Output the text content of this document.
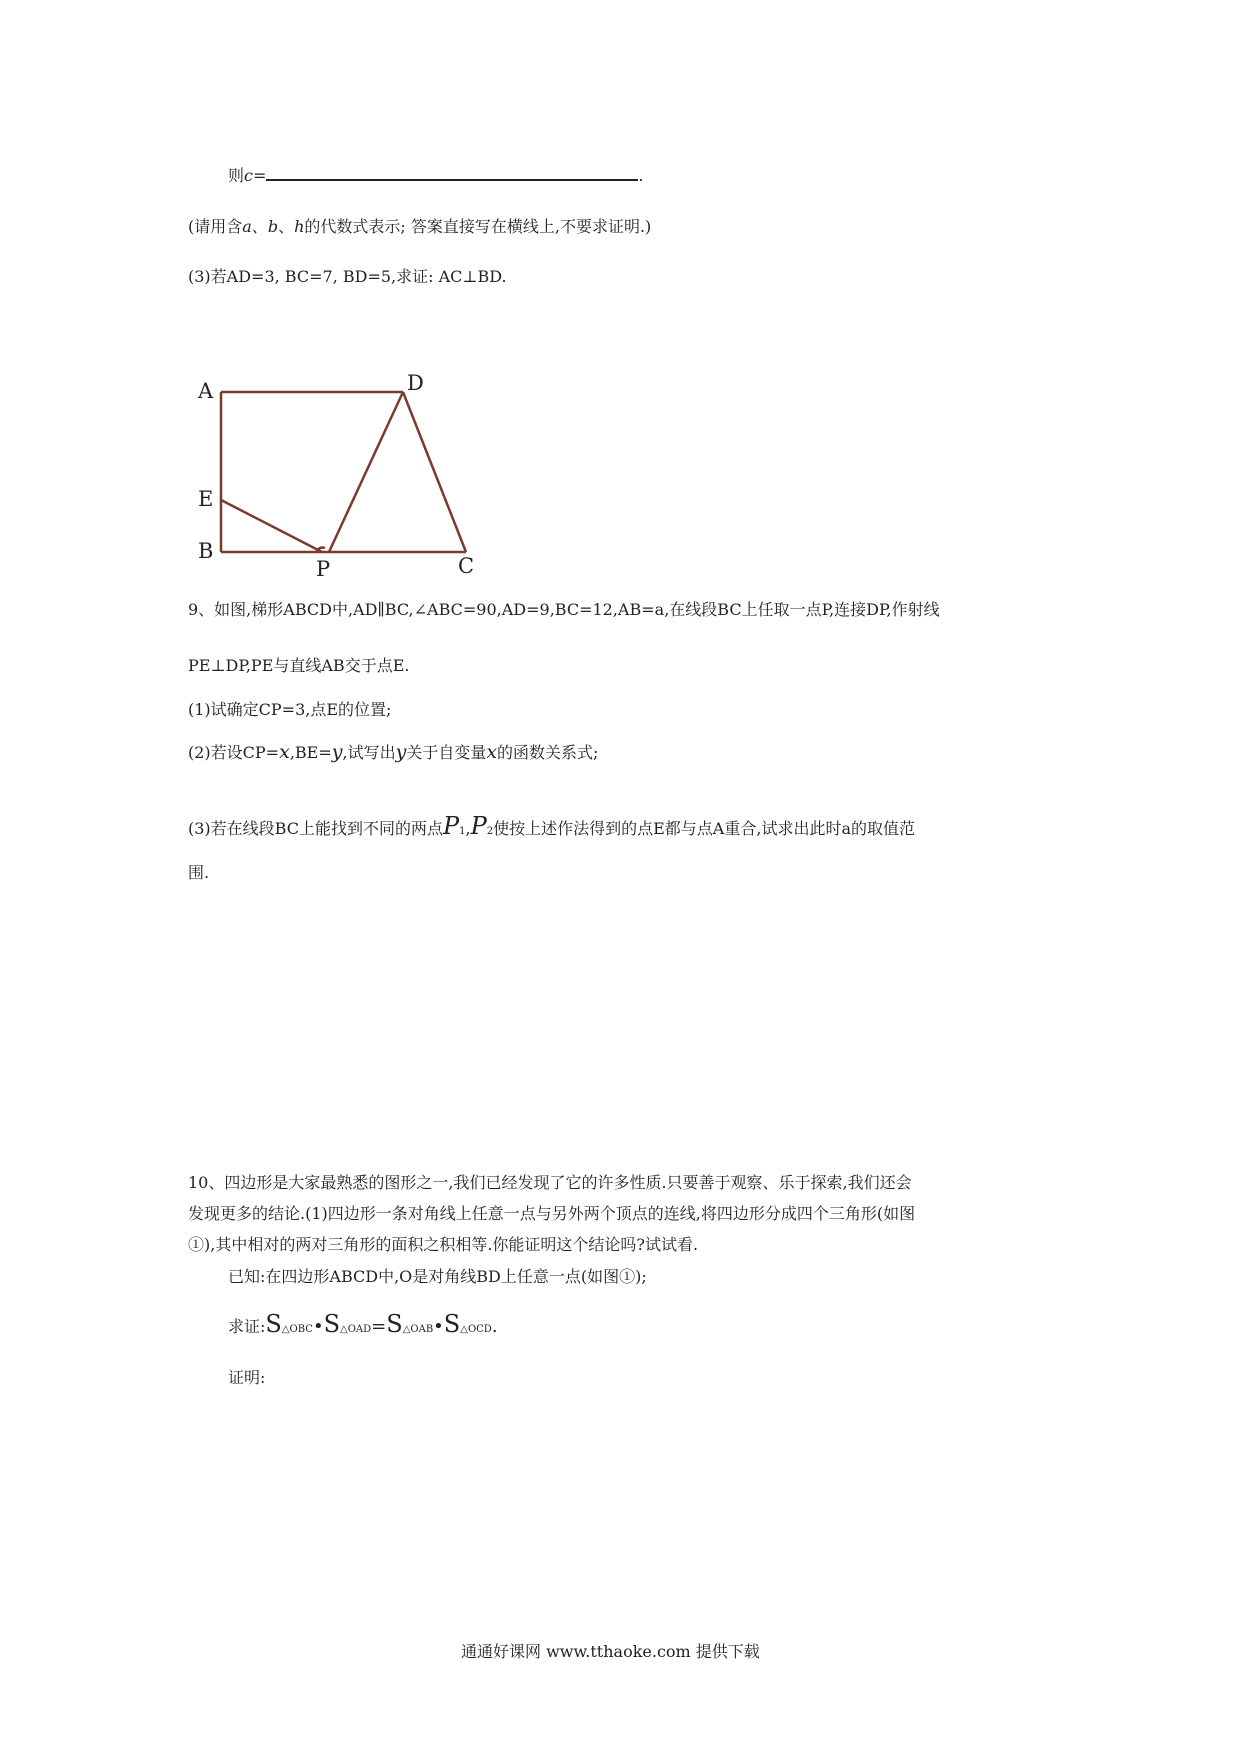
则c=	.
(请用含a、b、h的代数式表示; 答案直接写在横线上,不要求证明.)
(3)若AD=3, BC=7, BD=5,求证: AC⊥BD.
A	D
E
B
P	C
9、如图,梯形ABCD中,AD∥BC,∠ABC=90,AD=9,BC=12,AB=a,在线段BC上任取一点P,连接DP,作射线
PE⊥DP,PE与直线AB交于点E.
(1)试确定CP=3,点E的位置;
(2)若设CP=x,BE=y,试写出y关于自变量x的函数关系式;
(3)若在线段BC上能找到不同的两点P1,P2使按上述作法得到的点E都与点A重合,试求出此时a的取值范
围.
10、四边形是大家最熟悉的图形之一,我们已经发现了它的许多性质.只要善于观察、乐于探索,我们还会
发现更多的结论.(1)四边形一条对角线上任意一点与另外两个顶点的连线,将四边形分成四个三角形(如图
①),其中相对的两对三角形的面积之积相等.你能证明这个结论吗?试试看.
已知:在四边形ABCD中,O是对角线BD上任意一点(如图①);
求证:S△OBC•S△OAD=S△OAB•S△OCD.
证明:
通通好课网 www.tthaoke.com 提供下载
